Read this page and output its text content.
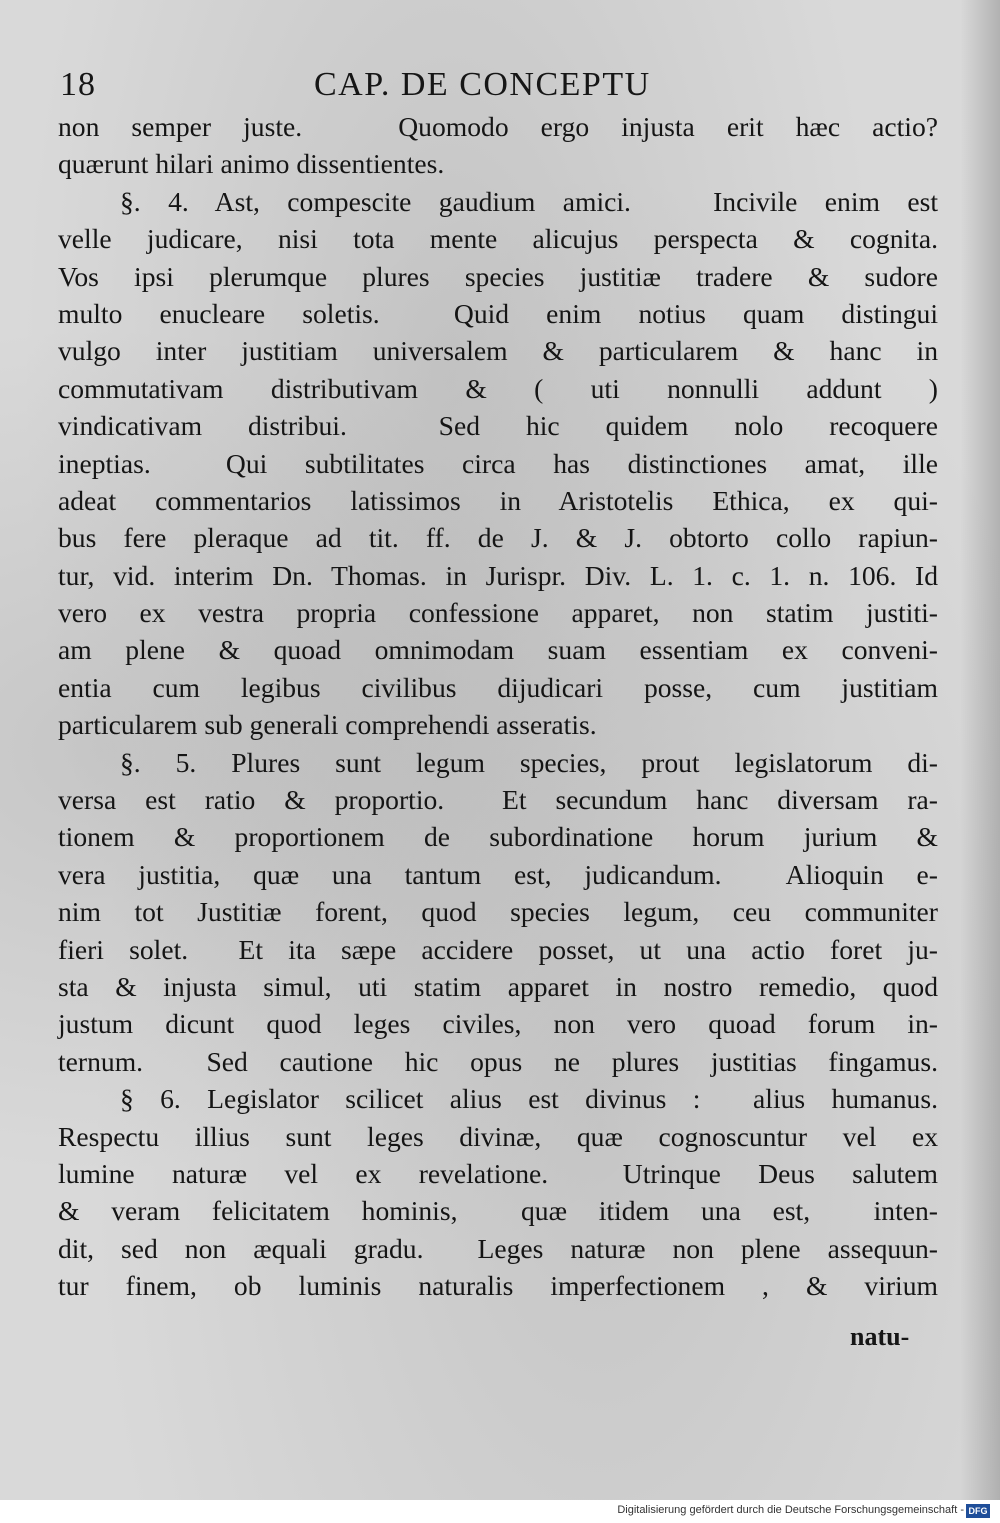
18	CAP. DE CONCEPTU
non semper juste.   Quomodo ergo injusta erit hæc actio?
quærunt hilari animo dissentientes.
§. 4. Ast, compescite gaudium amici.   Incivile enim est
velle judicare, nisi tota mente alicujus perspecta & cognita.
Vos ipsi plerumque plures species justitiæ tradere & sudore
multo enucleare soletis.  Quid enim notius quam distingui
vulgo inter justitiam universalem & particularem & hanc in
commutativam distributivam & ( uti nonnulli addunt )
vindicativam distribui.  Sed hic quidem nolo recoquere
ineptias.  Qui subtilitates circa has distinctiones amat, ille
adeat commentarios latissimos in Aristotelis Ethica, ex qui-
bus fere pleraque ad tit. ff. de J. & J. obtorto collo rapiun-
tur, vid. interim Dn. Thomas. in Jurispr. Div. L. 1. c. 1. n. 106. Id
vero ex vestra propria confessione apparet, non statim justiti-
am plene & quoad omnimodam suam essentiam ex conveni-
entia cum legibus civilibus dijudicari posse, cum justitiam
particularem sub generali comprehendi asseratis.
§. 5. Plures sunt legum species, prout legislatorum di-
versa est ratio & proportio.  Et secundum hanc diversam ra-
tionem & proportionem de subordinatione horum jurium &
vera justitia, quæ una tantum est, judicandum.  Alioquin e-
nim tot Justitiæ forent, quod species legum, ceu communiter
fieri solet.  Et ita sæpe accidere posset, ut una actio foret ju-
sta & injusta simul, uti statim apparet in nostro remedio, quod
justum dicunt quod leges civiles, non vero quoad forum in-
ternum.  Sed cautione hic opus ne plures justitias fingamus.
§ 6. Legislator scilicet alius est divinus :  alius humanus.
Respectu illius sunt leges divinæ, quæ cognoscuntur vel ex
lumine naturæ vel ex revelatione.  Utrinque Deus salutem
& veram felicitatem hominis,  quæ itidem una est,  inten-
dit, sed non æquali gradu.  Leges naturæ non plene assequun-
tur finem, ob luminis naturalis imperfectionem , & virium
natu-
Digitalisierung gefördert durch die Deutsche Forschungsgemeinschaft - DFG
